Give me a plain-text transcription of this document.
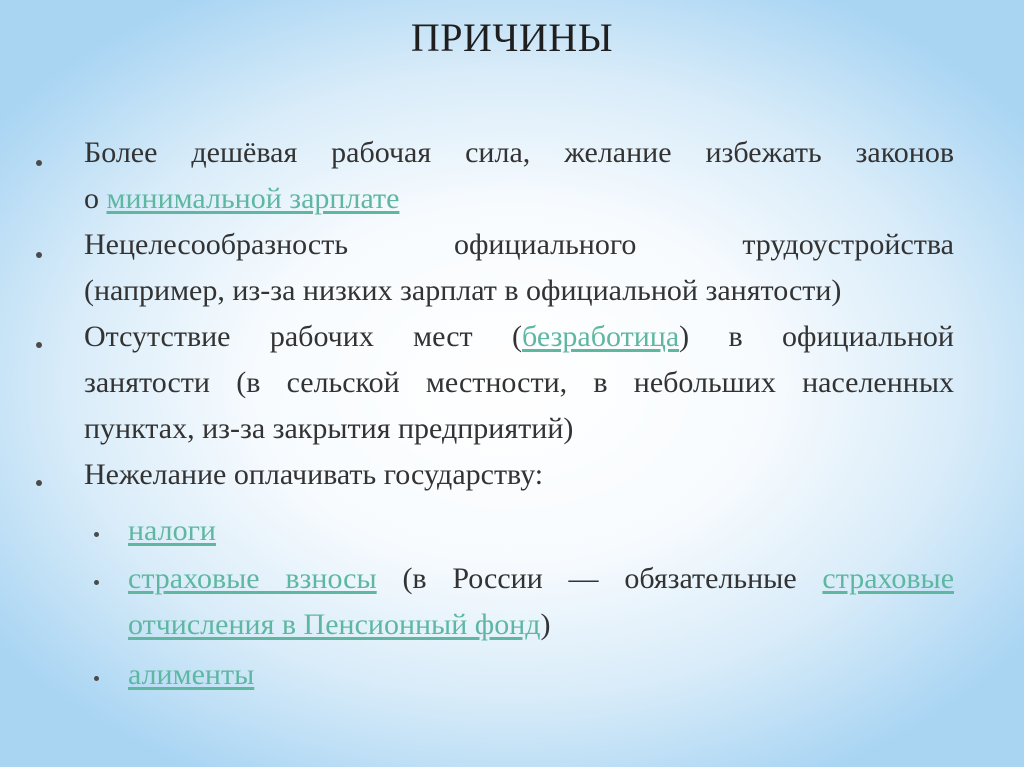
ПРИЧИНЫ
Более дешёвая рабочая сила, желание избежать законов
о минимальной зарплате
Нецелесообразность официального трудоустройства
(например, из-за низких зарплат в официальной занятости)
Отсутствие рабочих мест (безработица) в официальной
занятости (в сельской местности, в небольших населенных
пунктах, из-за закрытия предприятий)
Нежелание оплачивать государству:
налоги
страховые взносы (в России — обязательные страховые отчисления в Пенсионный фонд)
алименты
